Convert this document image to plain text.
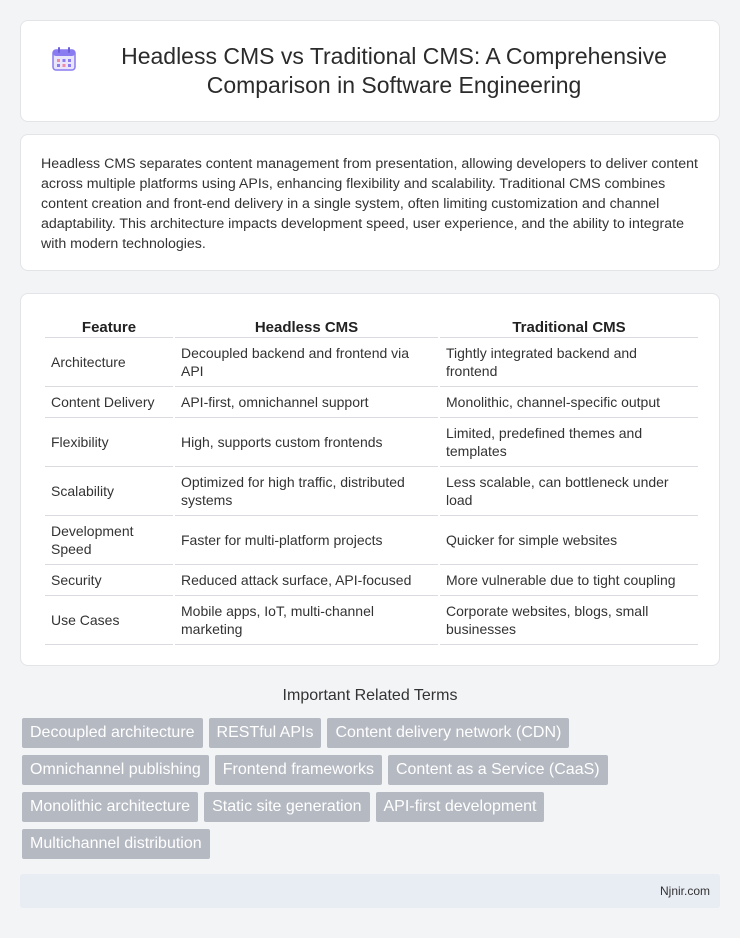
Headless CMS vs Traditional CMS: A Comprehensive Comparison in Software Engineering

Headless CMS separates content management from presentation, allowing developers to deliver content across multiple platforms using APIs, enhancing flexibility and scalability. Traditional CMS combines content creation and front-end delivery in a single system, often limiting customization and channel adaptability. This architecture impacts development speed, user experience, and the ability to integrate with modern technologies.

Feature	Headless CMS	Traditional CMS
Architecture	Decoupled backend and frontend via API	Tightly integrated backend and frontend
Content Delivery	API-first, omnichannel support	Monolithic, channel-specific output
Flexibility	High, supports custom frontends	Limited, predefined themes and templates
Scalability	Optimized for high traffic, distributed systems	Less scalable, can bottleneck under load
Development Speed	Faster for multi-platform projects	Quicker for simple websites
Security	Reduced attack surface, API-focused	More vulnerable due to tight coupling
Use Cases	Mobile apps, IoT, multi-channel marketing	Corporate websites, blogs, small businesses
Important Related Terms
Decoupled architecture	RESTful APIs	Content delivery network (CDN)
Omnichannel publishing	Frontend frameworks	Content as a Service (CaaS)
Monolithic architecture	Static site generation	API-first development
Multichannel distribution
Njnir.com
